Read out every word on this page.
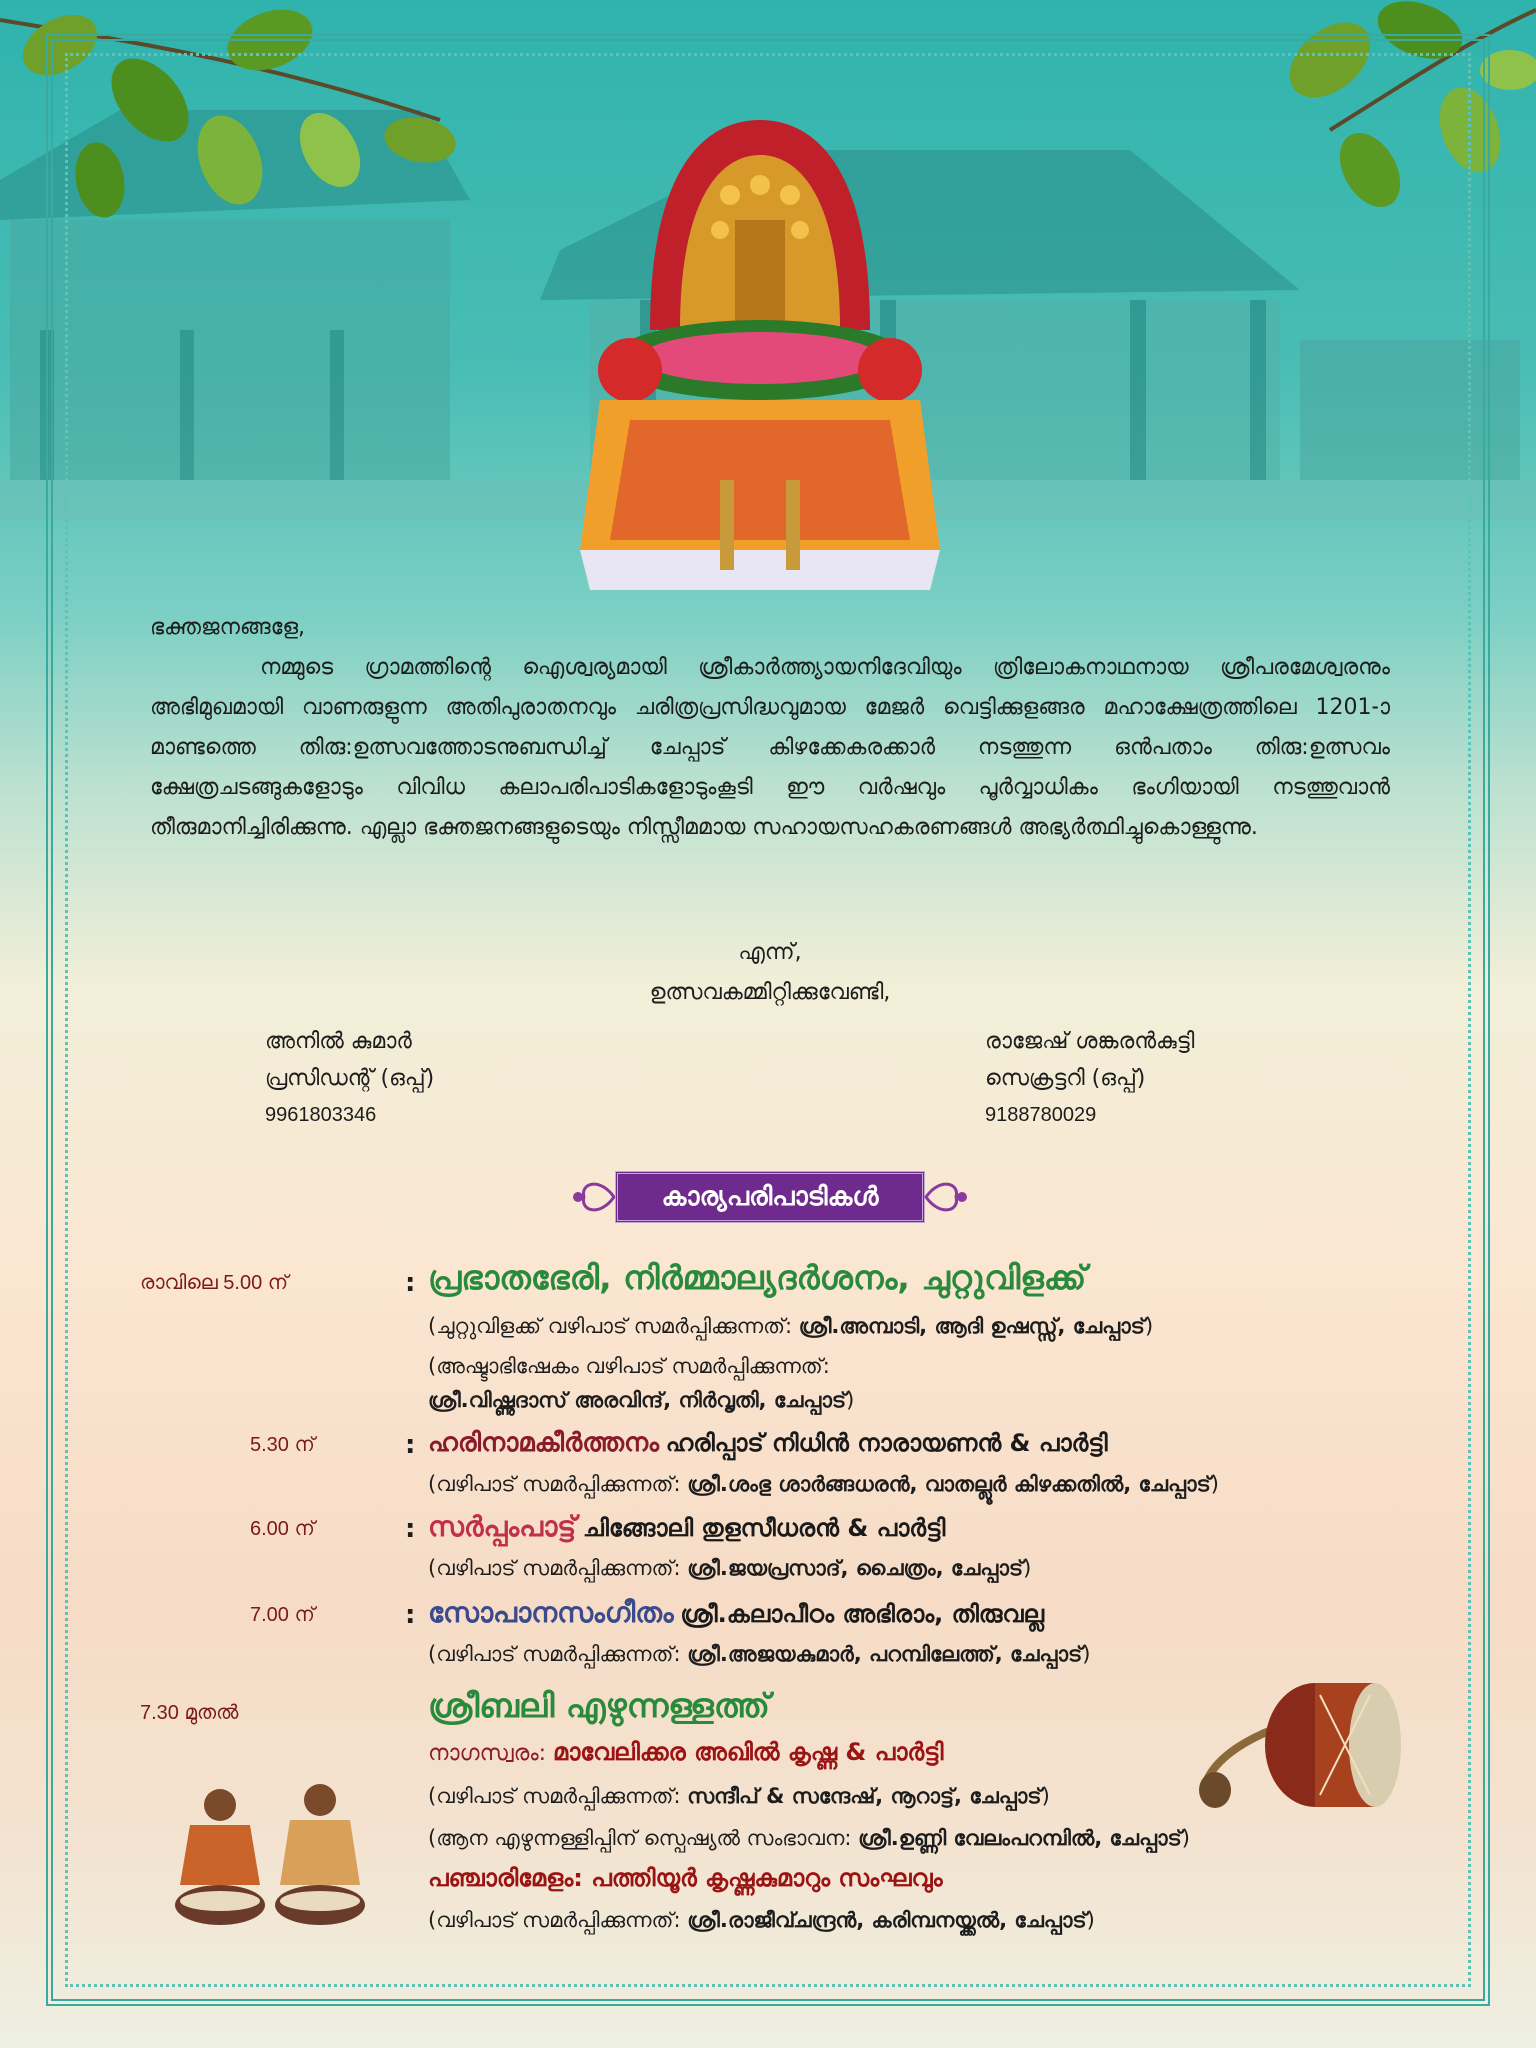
ഭക്തജനങ്ങളേ,
നമ്മുടെ ഗ്രാമത്തിന്റെ ഐശ്വര്യമായി ശ്രീകാർത്ത്യായനിദേവിയും ത്രിലോകനാഥനായ ശ്രീപരമേശ്വരനും അഭിമുഖമായി വാണരുളുന്ന അതിപുരാതനവും ചരിത്രപ്രസിദ്ധവുമായ മേജർ വെട്ടിക്കുളങ്ങര മഹാക്ഷേത്രത്തിലെ 1201-ാമാണ്ടത്തെ തിരു:ഉത്സവത്തോടനുബന്ധിച്ച് ചേപ്പാട് കിഴക്കേകരക്കാർ നടത്തുന്ന ഒൻപതാം തിരു:ഉത്സവം ക്ഷേത്രചടങ്ങുകളോടും വിവിധ കലാപരിപാടികളോടുംകൂടി ഈ വർഷവും പൂർവ്വാധികം ഭംഗിയായി നടത്തുവാൻ തീരുമാനിച്ചിരിക്കുന്നു. എല്ലാ ഭക്തജനങ്ങളുടെയും നിസ്സീമമായ സഹായസഹകരണങ്ങൾ അഭ്യർത്ഥിച്ചുകൊള്ളുന്നു.
എന്ന്,
ഉത്സവകമ്മിറ്റിക്കുവേണ്ടി,
അനിൽ കുമാർ
പ്രസിഡന്റ് (ഒപ്പ്)
9961803346
രാജേഷ് ശങ്കരൻകുട്ടി
സെക്രട്ടറി (ഒപ്പ്)
9188780029
കാര്യപരിപാടികൾ
രാവിലെ 5.00 ന്	: പ്രഭാതഭേരി, നിർമ്മാല്യദർശനം, ചുറ്റുവിളക്ക്
(ചുറ്റുവിളക്ക് വഴിപാട് സമർപ്പിക്കുന്നത്: ശ്രീ.അമ്പാടി, ആദി ഉഷസ്സ്, ചേപ്പാട്)
(അഷ്ടാഭിഷേകം വഴിപാട് സമർപ്പിക്കുന്നത്:
ശ്രീ.വിഷ്ണുദാസ് അരവിന്ദ്, നിർവൃതി, ചേപ്പാട്)
5.30 ന്	: ഹരിനാമകീർത്തനം ഹരിപ്പാട് നിധിൻ നാരായണൻ & പാർട്ടി
(വഴിപാട് സമർപ്പിക്കുന്നത്: ശ്രീ.ശംഭു ശാർങ്ങധരൻ, വാതല്ലൂർ കിഴക്കതിൽ, ചേപ്പാട്)
6.00 ന്	: സർപ്പംപാട്ട് ചിങ്ങോലി തുളസീധരൻ & പാർട്ടി
(വഴിപാട് സമർപ്പിക്കുന്നത്: ശ്രീ.ജയപ്രസാദ്, ചൈത്രം, ചേപ്പാട്)
7.00 ന്	: സോപാനസംഗീതം ശ്രീ.കലാപീഠം അഭിരാം, തിരുവല്ല
(വഴിപാട് സമർപ്പിക്കുന്നത്: ശ്രീ.അജയകുമാർ, പറമ്പിലേത്ത്, ചേപ്പാട്)
7.30 മുതൽ	ശ്രീബലി എഴുന്നള്ളത്ത്
നാഗസ്വരം: മാവേലിക്കര അഖിൽ കൃഷ്ണ & പാർട്ടി
(വഴിപാട് സമർപ്പിക്കുന്നത്: സന്ദീപ് & സന്ദേഷ്, നൂറാട്ട്, ചേപ്പാട്)
(ആന എഴുന്നള്ളിപ്പിന് സ്പെഷ്യൽ സംഭാവന: ശ്രീ.ഉണ്ണി വേലംപറമ്പിൽ, ചേപ്പാട്)
പഞ്ചാരിമേളം: പത്തിയൂർ കൃഷ്ണകുമാറും സംഘവും
(വഴിപാട് സമർപ്പിക്കുന്നത്: ശ്രീ.രാജീവ്ചന്ദ്രൻ, കരിമ്പനയ്ക്കൽ, ചേപ്പാട്)
